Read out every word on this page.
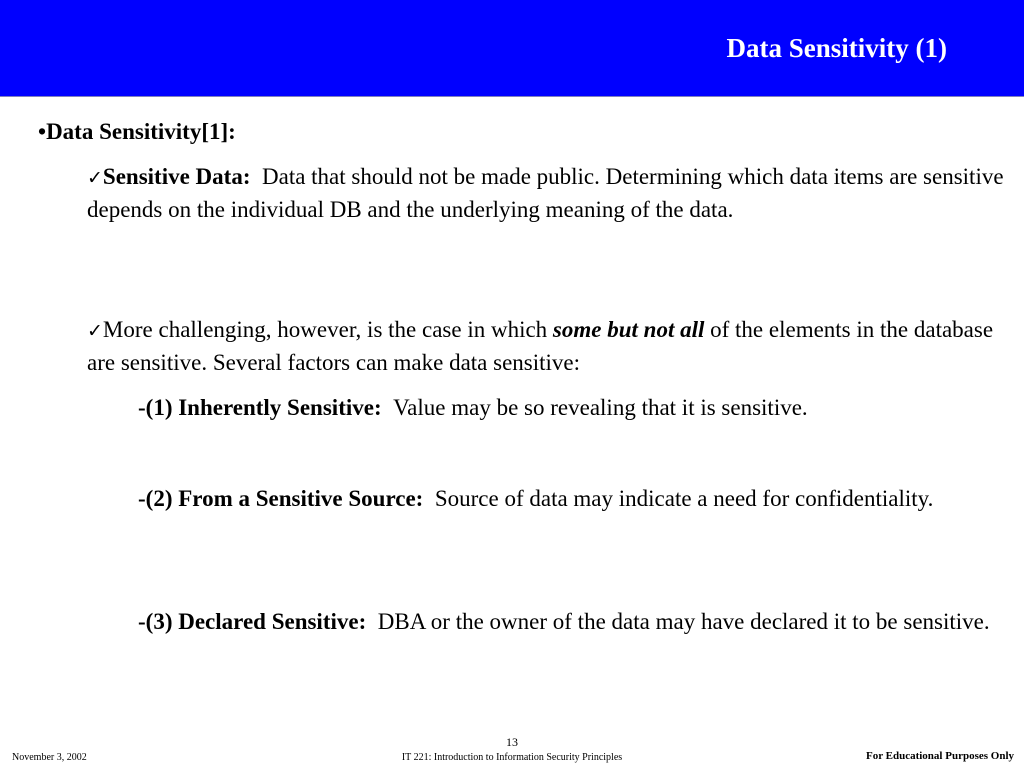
Data Sensitivity (1)
•Data Sensitivity[1]:
✓Sensitive Data: Data that should not be made public. Determining which data items are sensitive depends on the individual DB and the underlying meaning of the data.
✓More challenging, however, is the case in which some but not all of the elements in the database are sensitive. Several factors can make data sensitive:
-(1) Inherently Sensitive: Value may be so revealing that it is sensitive.
-(2) From a Sensitive Source: Source of data may indicate a need for confidentiality.
-(3) Declared Sensitive: DBA or the owner of the data may have declared it to be sensitive.
November 3, 2002
13
IT 221: Introduction to Information Security Principles	For Educational Purposes Only
